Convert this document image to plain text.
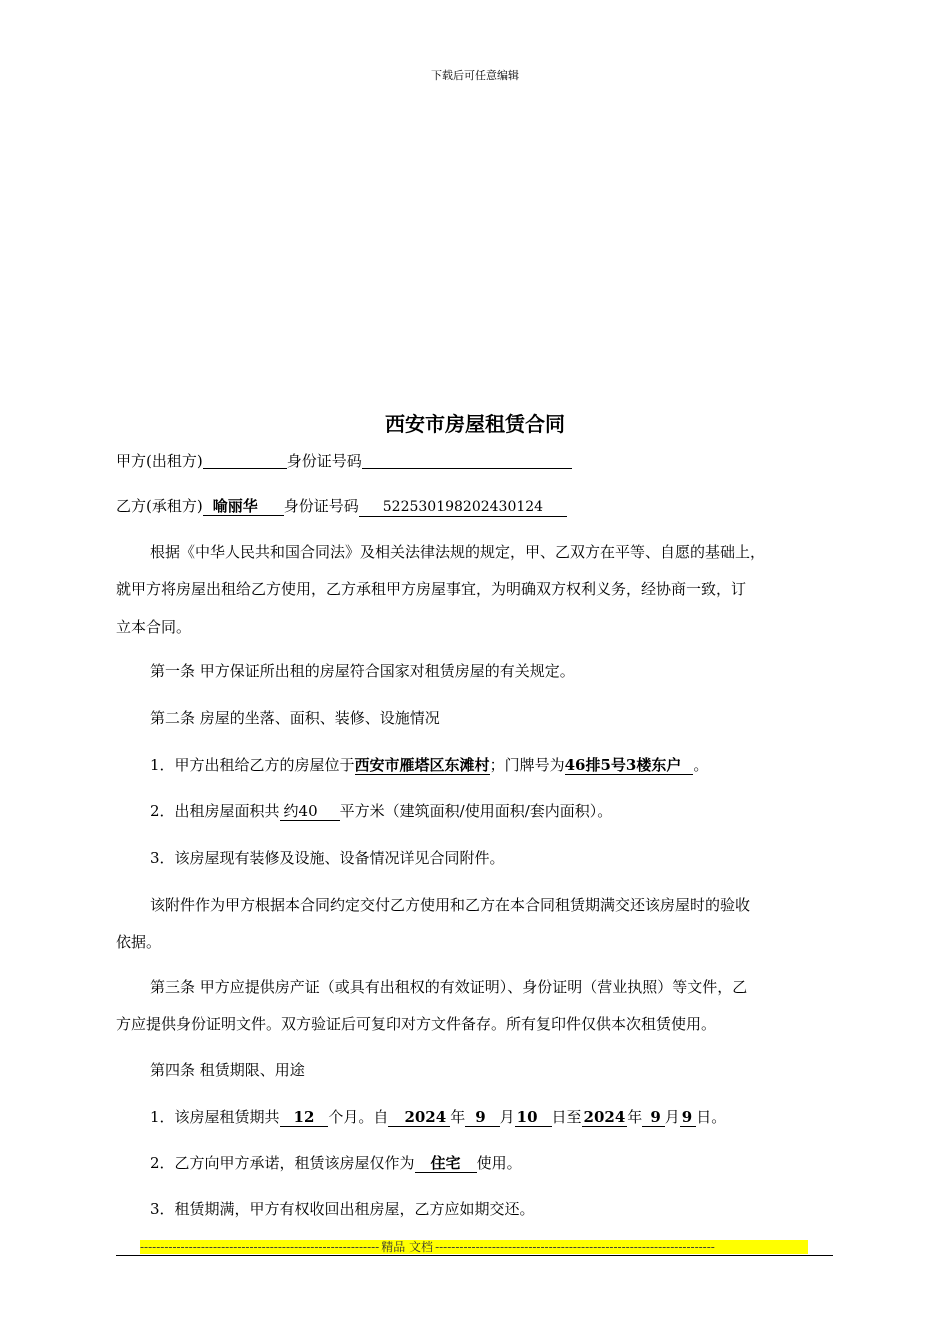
下载后可任意编辑
西安市房屋租赁合同
甲方(出租方)	身份证号码
乙方(承租方) 喻丽华 身份证号码 522530198202430124
根据《中华人民共和国合同法》及相关法律法规的规定，甲、乙双方在平等、自愿的基础上，
就甲方将房屋出租给乙方使用，乙方承租甲方房屋事宜，为明确双方权利义务，经协商一致，订
立本合同。
第一条 甲方保证所出租的房屋符合国家对租赁房屋的有关规定。
第二条 房屋的坐落、面积、装修、设施情况
1．甲方出租给乙方的房屋位于西安市雁塔区东滩村；门牌号为46排5号3楼东户 。
2．出租房屋面积共 约40 平方米（建筑面积/使用面积/套内面积）。
3．该房屋现有装修及设施、设备情况详见合同附件。
该附件作为甲方根据本合同约定交付乙方使用和乙方在本合同租赁期满交还该房屋时的验收
依据。
第三条 甲方应提供房产证（或具有出租权的有效证明）、身份证明（营业执照）等文件，乙
方应提供身份证明文件。双方验证后可复印对方文件备存。所有复印件仅供本次租赁使用。
第四条 租赁期限、用途
1．该房屋租赁期共 12 个月。自 2024 年 9 月 10 日至 2024 年 9 月 9 日。
2．乙方向甲方承诺，租赁该房屋仅作为 住宅 使用。
3．租赁期满，甲方有权收回出租房屋，乙方应如期交还。
----------------------------------------------------------- 精品 文档 ---------------------------------------------------------------------
